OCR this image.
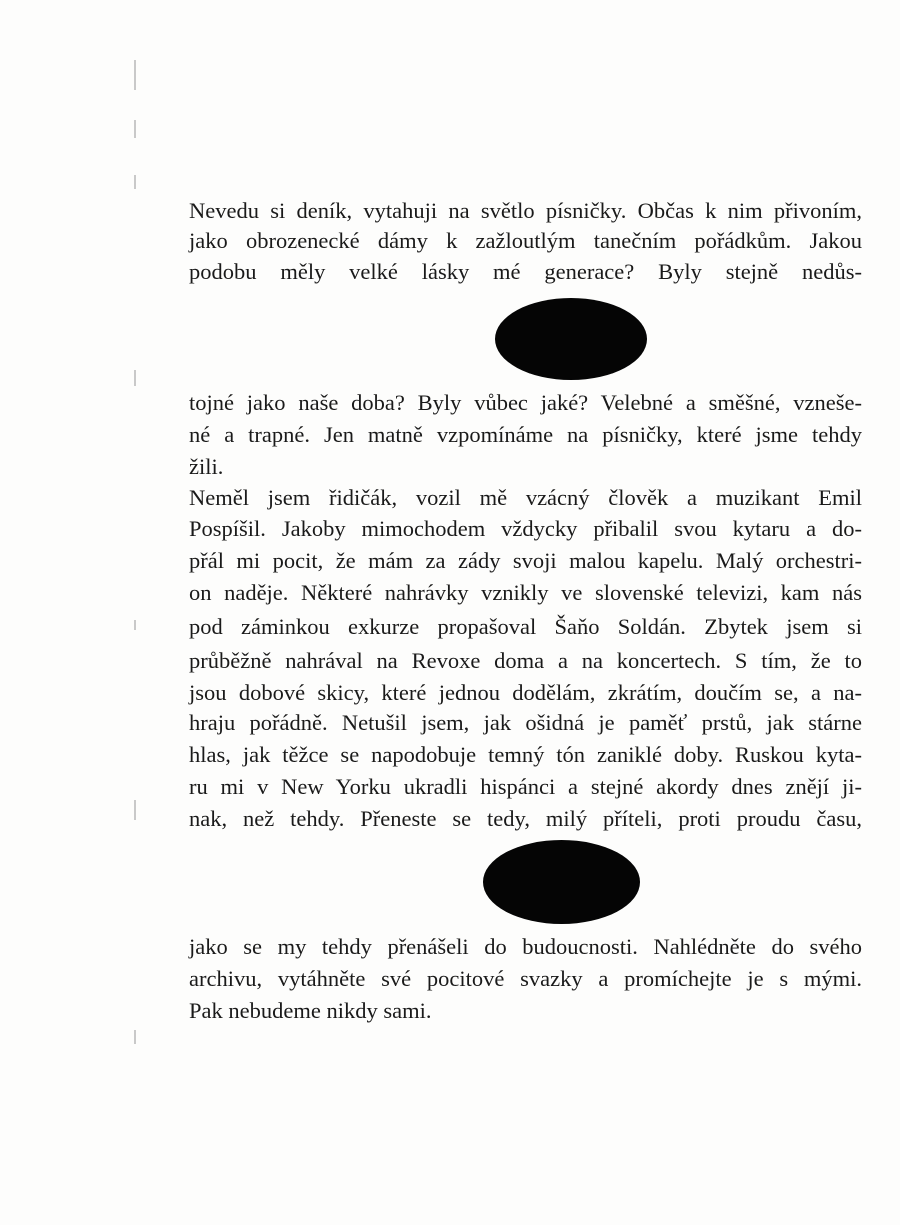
Nevedu si deník, vytahuji na světlo písničky. Občas k nim přivoním,
jako obrozenecké dámy k zažloutlým tanečním pořádkům. Jakou
podobu měly velké lásky mé generace? Byly stejně nedůs-
tojné jako naše doba? Byly vůbec jaké? Velebné a směšné, vznešе-
né a trapné. Jen matně vzpomínáme na písničky, které jsme tehdy
žili.
Neměl jsem řidičák, vozil mě vzácný člověk a muzikant Emil
Pospíšil. Jakoby mimochodem vždycky přibalil svou kytaru a do-
přál mi pocit, že mám za zády svoji malou kapelu. Malý orchestri-
on naděje. Některé nahrávky vznikly ve slovenské televizi, kam nás
pod záminkou exkurze propašoval Šaňo Soldán. Zbytek jsem si
průběžně nahrával na Revoxe doma a na koncertech. S tím, že to
jsou dobové skicy, které jednou dodělám, zkrátím, doučím se, a na-
hraju pořádně. Netušil jsem, jak ošidná je paměť prstů, jak stárne
hlas, jak těžce se napodobuje temný tón zaniklé doby. Ruskou kyta-
ru mi v New Yorku ukradli hispánci a stejné akordy dnes znějí ji-
nak, než tehdy. Přeneste se tedy, milý příteli, proti proudu času,
jako se my tehdy přenášeli do budoucnosti. Nahlédněte do svého
archivu, vytáhněte své pocitové svazky a promíchejte je s mými.
Pak nebudeme nikdy sami.
